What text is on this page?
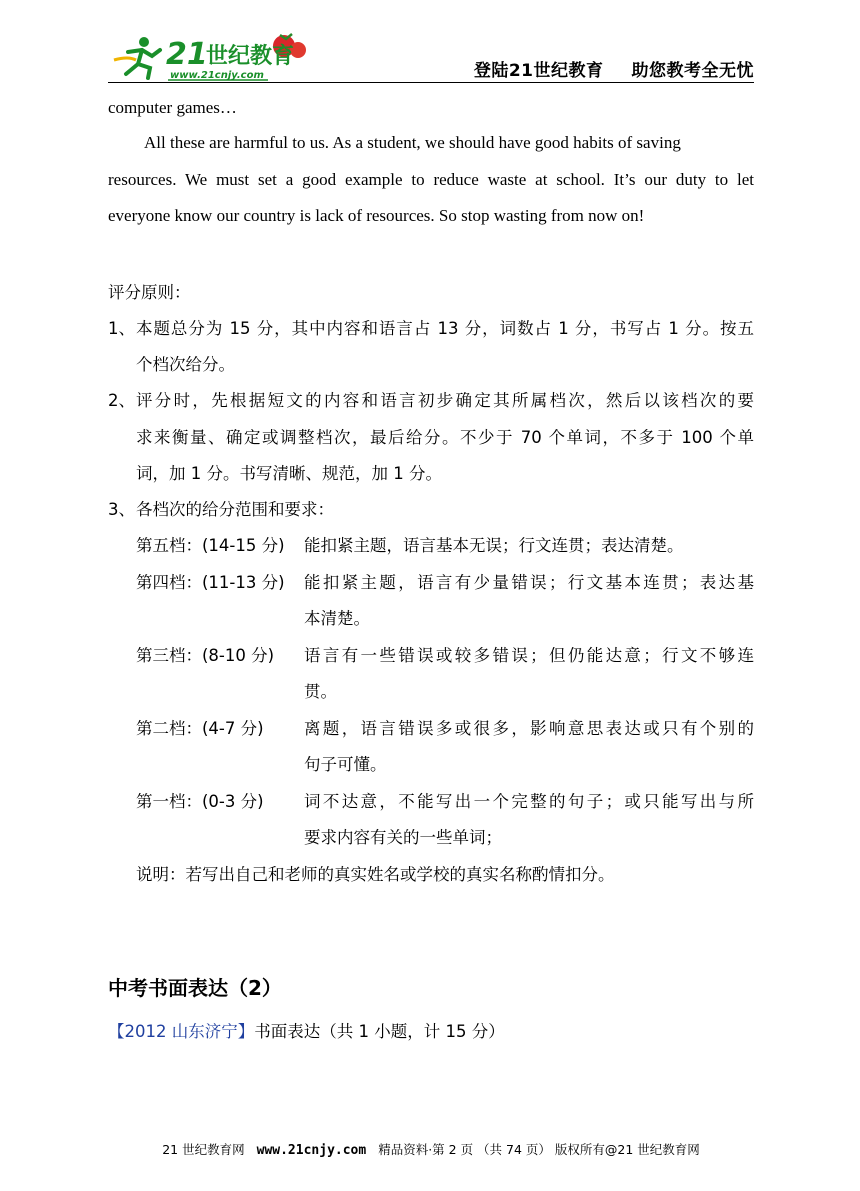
21
世纪教育
www.21cnjy.com	登陆21世纪教育 助您教考全无忧
computer games…
All these are harmful to us. As a student, we should have good habits of saving
resources. We must set a good example to reduce waste at school. It’s our duty to let
everyone know our country is lack of resources. So stop wasting from now on!
评分原则：
1、 本题总分为 15 分，其中内容和语言占 13 分，词数占 1 分，书写占 1 分。按五
个档次给分。
2、 评分时，先根据短文的内容和语言初步确定其所属档次，然后以该档次的要
求来衡量、确定或调整档次，最后给分。不少于 70 个单词，不多于 100 个单
词，加 1 分。书写清晰、规范，加 1 分。
3、 各档次的给分范围和要求：
第五档：(14-15 分) 能扣紧主题，语言基本无误；行文连贯；表达清楚。
第四档：(11-13 分) 能扣紧主题，语言有少量错误；行文基本连贯；表达基
本清楚。
第三档：(8-10 分) 语言有一些错误或较多错误；但仍能达意；行文不够连
贯。
第二档：(4-7 分) 离题，语言错误多或很多，影响意思表达或只有个别的
句子可懂。
第一档：(0-3 分) 词不达意，不能写出一个完整的句子；或只能写出与所
要求内容有关的一些单词；
说明：若写出自己和老师的真实姓名或学校的真实名称酌情扣分。
中考书面表达（2）
【2012 山东济宁】书面表达（共 1 小题，计 15 分）
21 世纪教育网 www.21cnjy.com 精品资料·第 2 页 （共 74 页） 版权所有@21 世纪教育网
